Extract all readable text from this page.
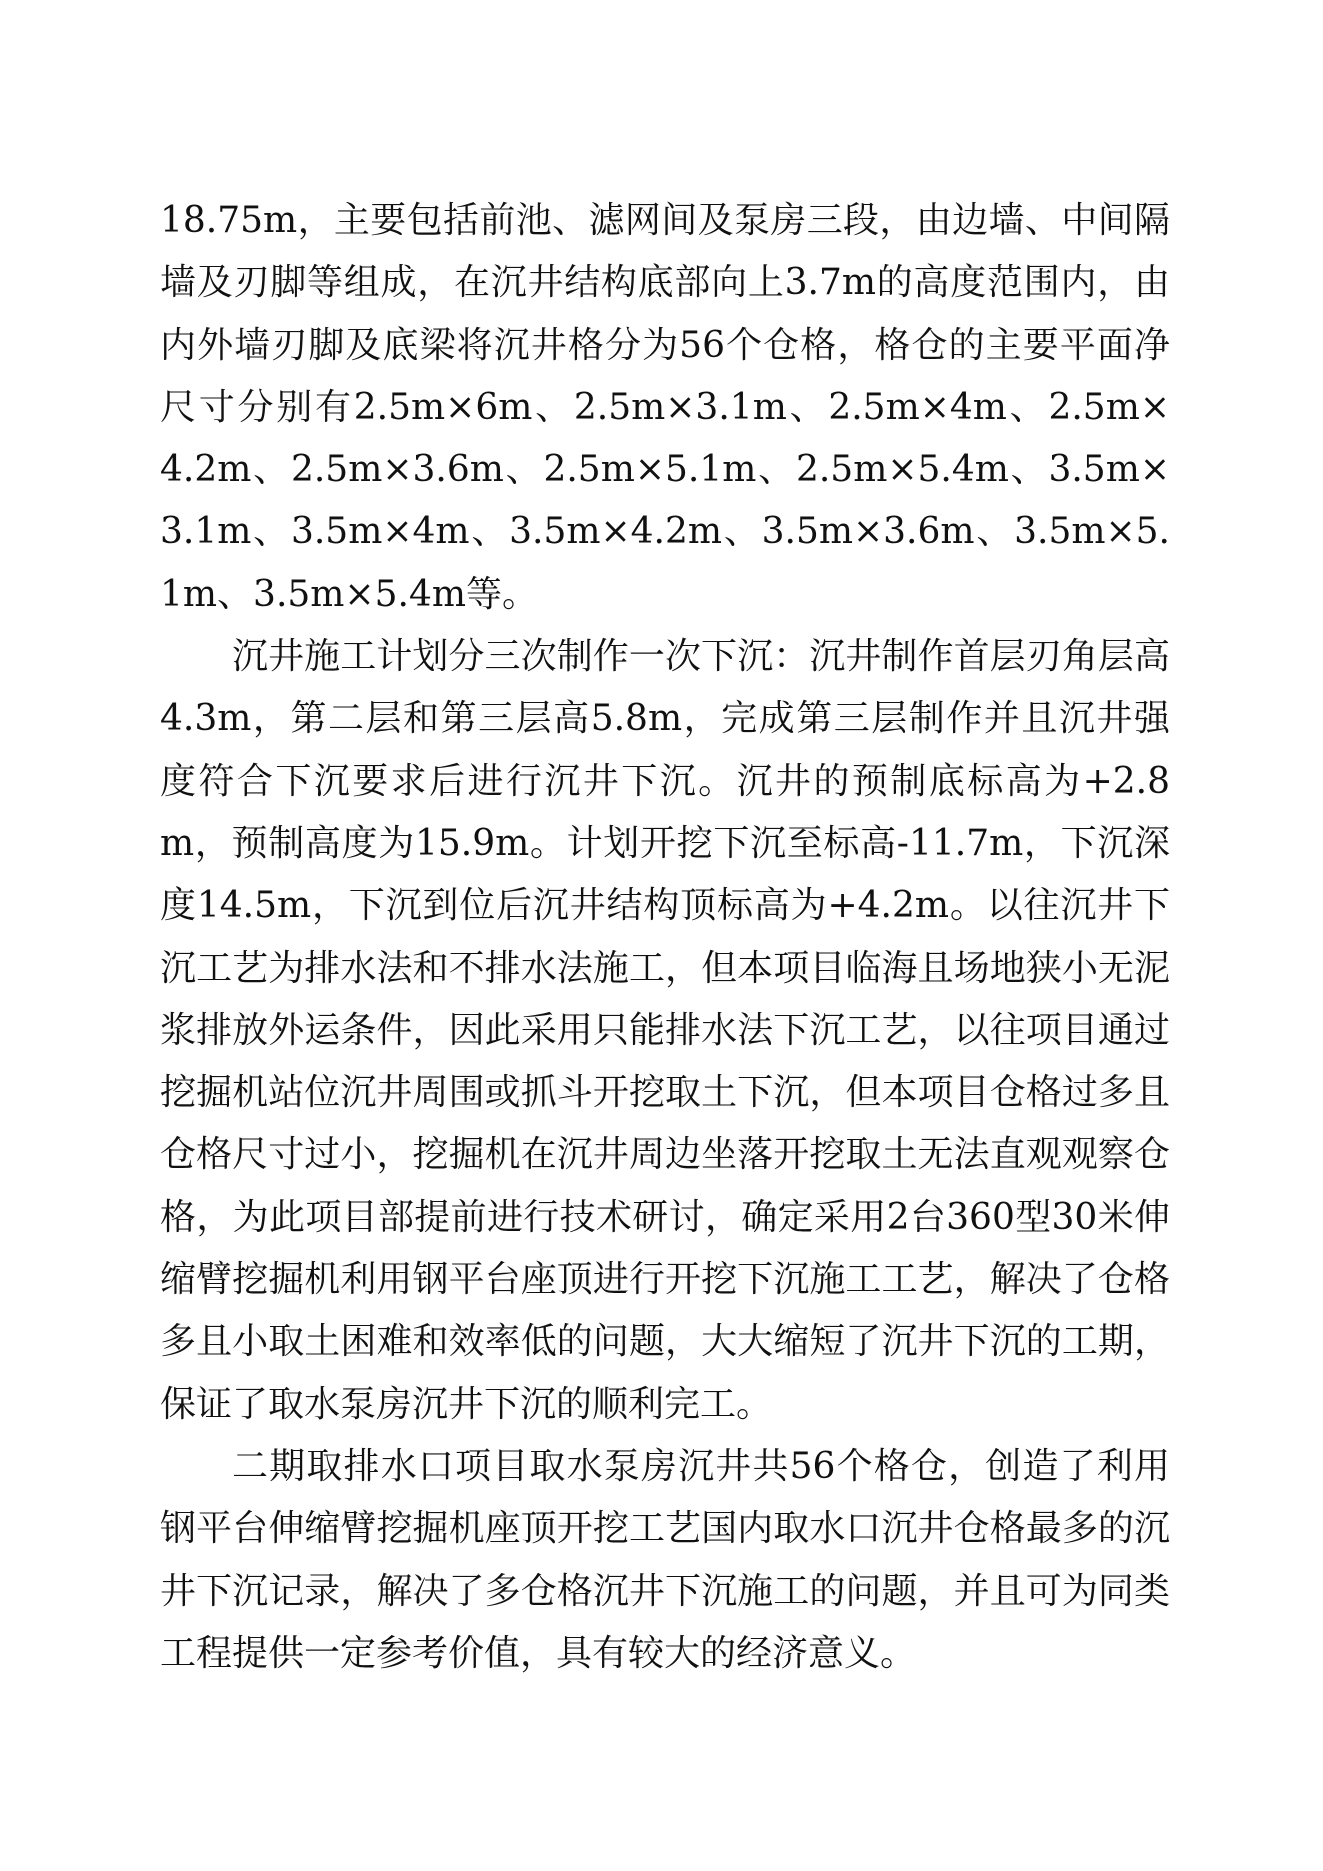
18.75m，主要包括前池、滤网间及泵房三段，由边墙、中间隔墙及刃脚等组成，在沉井结构底部向上3.7m的高度范围内，由内外墙刃脚及底梁将沉井格分为56个仓格，格仓的主要平面净尺寸分别有2.5m×6m、2.5m×3.1m、2.5m×4m、2.5m×4.2m、2.5m×3.6m、2.5m×5.1m、2.5m×5.4m、3.5m×3.1m、3.5m×4m、3.5m×4.2m、3.5m×3.6m、3.5m×5.1m、3.5m×5.4m等。

沉井施工计划分三次制作一次下沉：沉井制作首层刃角层高4.3m，第二层和第三层高5.8m，完成第三层制作并且沉井强度符合下沉要求后进行沉井下沉。沉井的预制底标高为+2.8m，预制高度为15.9m。计划开挖下沉至标高-11.7m，下沉深度14.5m，下沉到位后沉井结构顶标高为+4.2m。以往沉井下沉工艺为排水法和不排水法施工，但本项目临海且场地狭小无泥浆排放外运条件，因此采用只能排水法下沉工艺，以往项目通过挖掘机站位沉井周围或抓斗开挖取土下沉，但本项目仓格过多且仓格尺寸过小，挖掘机在沉井周边坐落开挖取土无法直观观察仓格，为此项目部提前进行技术研讨，确定采用2台360型30米伸缩臂挖掘机利用钢平台座顶进行开挖下沉施工工艺，解决了仓格多且小取土困难和效率低的问题，大大缩短了沉井下沉的工期，保证了取水泵房沉井下沉的顺利完工。

二期取排水口项目取水泵房沉井共56个格仓，创造了利用钢平台伸缩臂挖掘机座顶开挖工艺国内取水口沉井仓格最多的沉井下沉记录，解决了多仓格沉井下沉施工的问题，并且可为同类工程提供一定参考价值，具有较大的经济意义。
